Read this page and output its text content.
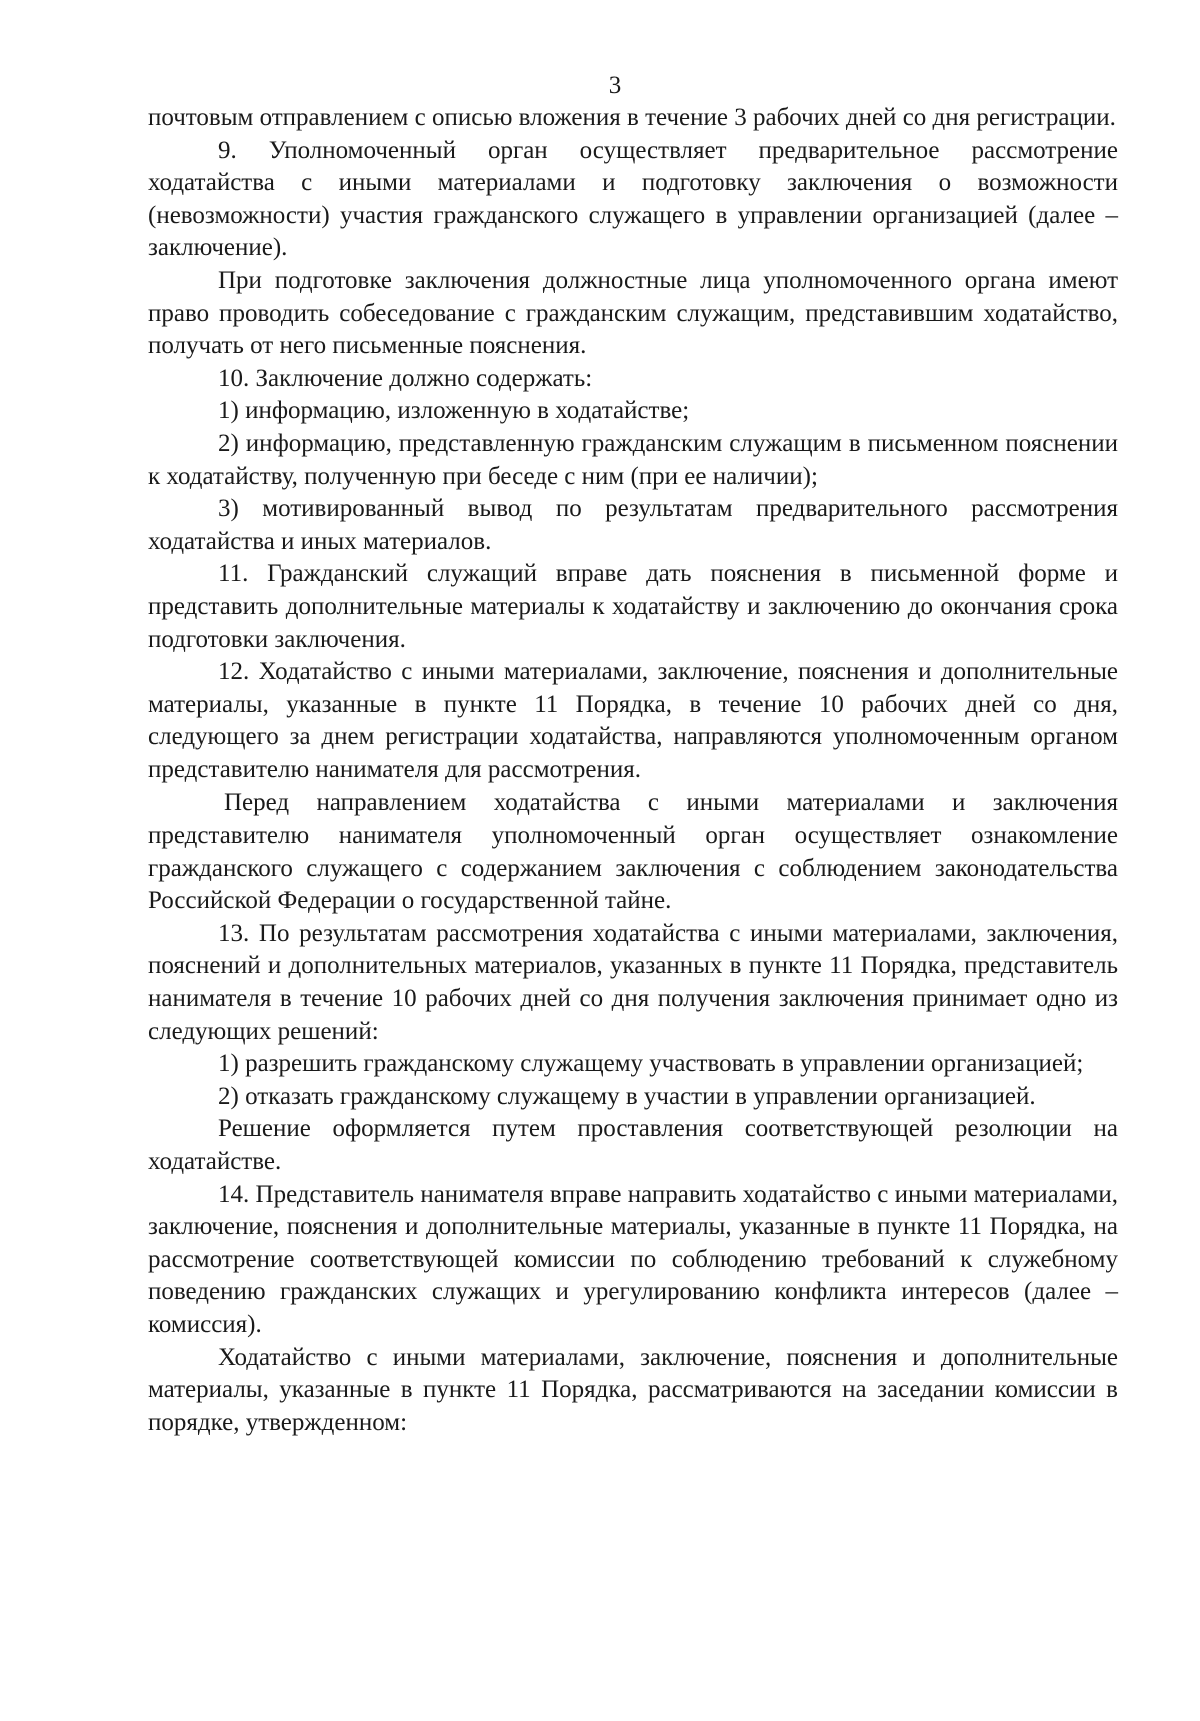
3

почтовым отправлением с описью вложения в течение 3 рабочих дней со дня регистрации.

9. Уполномоченный орган осуществляет предварительное рассмотрение ходатайства с иными материалами и подготовку заключения о возможности (невозможности) участия гражданского служащего в управлении организацией (далее – заключение).

При подготовке заключения должностные лица уполномоченного органа имеют право проводить собеседование с гражданским служащим, представившим ходатайство, получать от него письменные пояснения.

10. Заключение должно содержать:

1) информацию, изложенную в ходатайстве;

2) информацию, представленную гражданским служащим в письменном пояснении к ходатайству, полученную при беседе с ним (при ее наличии);

3) мотивированный вывод по результатам предварительного рассмотрения ходатайства и иных материалов.

11. Гражданский служащий вправе дать пояснения в письменной форме и представить дополнительные материалы к ходатайству и заключению до окончания срока подготовки заключения.

12. Ходатайство с иными материалами, заключение, пояснения и дополнительные материалы, указанные в пункте 11 Порядка, в течение 10 рабочих дней со дня, следующего за днем регистрации ходатайства, направляются уполномоченным органом представителю нанимателя для рассмотрения.

Перед направлением ходатайства с иными материалами и заключения представителю нанимателя уполномоченный орган осуществляет ознакомление гражданского служащего с содержанием заключения с соблюдением законодательства Российской Федерации о государственной тайне.

13. По результатам рассмотрения ходатайства с иными материалами, заключения, пояснений и дополнительных материалов, указанных в пункте 11 Порядка, представитель нанимателя в течение 10 рабочих дней со дня получения заключения принимает одно из следующих решений:

1) разрешить гражданскому служащему участвовать в управлении организацией;

2) отказать гражданскому служащему в участии в управлении организацией.

Решение оформляется путем проставления соответствующей резолюции на ходатайстве.

14. Представитель нанимателя вправе направить ходатайство с иными материалами, заключение, пояснения и дополнительные материалы, указанные в пункте 11 Порядка, на рассмотрение соответствующей комиссии по соблюдению требований к служебному поведению гражданских служащих и урегулированию конфликта интересов (далее – комиссия).

Ходатайство с иными материалами, заключение, пояснения и дополнительные материалы, указанные в пункте 11 Порядка, рассматриваются на заседании комиссии в порядке, утвержденном:
